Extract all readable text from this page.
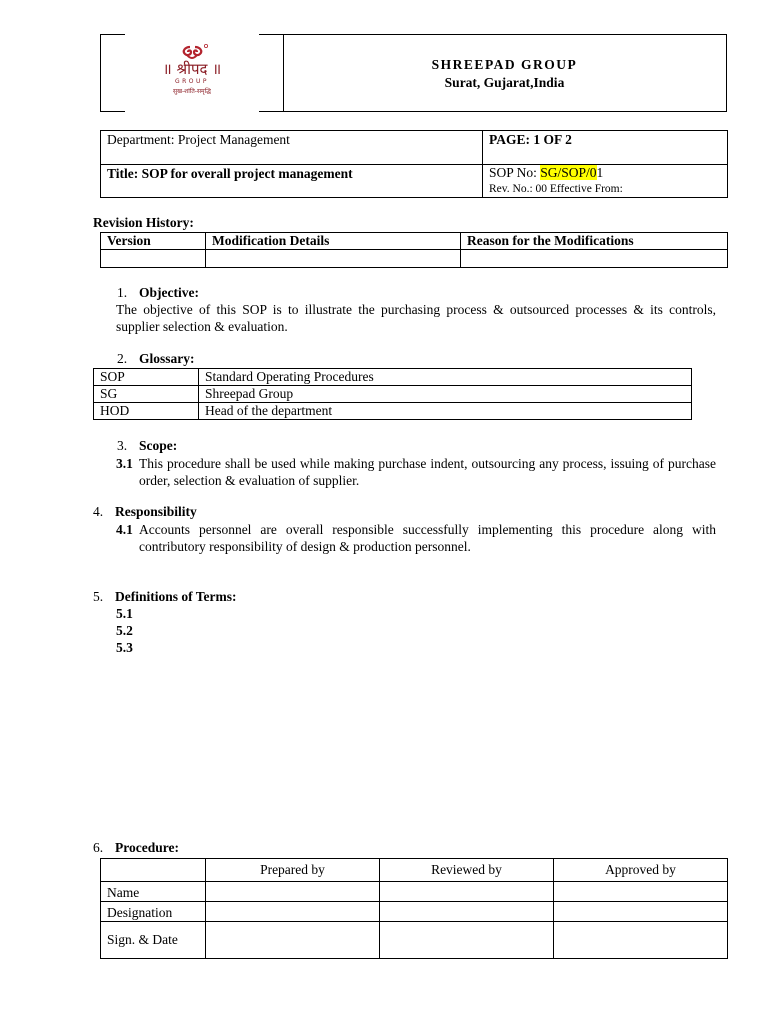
॥ श्रीपद ॥
GROUP
सुख-शांति-समृद्धि
SHREEPAD GROUP
Surat, Gujarat,India
Department: Project Management	PAGE: 1 OF 2
Title: SOP for overall project management	SOP No: SG/SOP/01
Rev. No.: 00 Effective From:
Revision History:
Version	Modification Details	Reason for the Modifications

1. Objective:
The objective of this SOP is to illustrate the purchasing process & outsourced processes & its controls, supplier selection & evaluation.
2. Glossary:
SOP	Standard Operating Procedures
SG	Shreepad Group
HOD	Head of the department
3. Scope:
3.1 This procedure shall be used while making purchase indent, outsourcing any process, issuing of purchase order, selection & evaluation of supplier.
4. Responsibility
4.1 Accounts personnel are overall responsible successfully implementing this procedure along with contributory responsibility of design & production personnel.
5. Definitions of Terms:
5.1
5.2
5.3
6. Procedure:
	Prepared by	Reviewed by	Approved by
Name			
Designation			
Sign. & Date			
